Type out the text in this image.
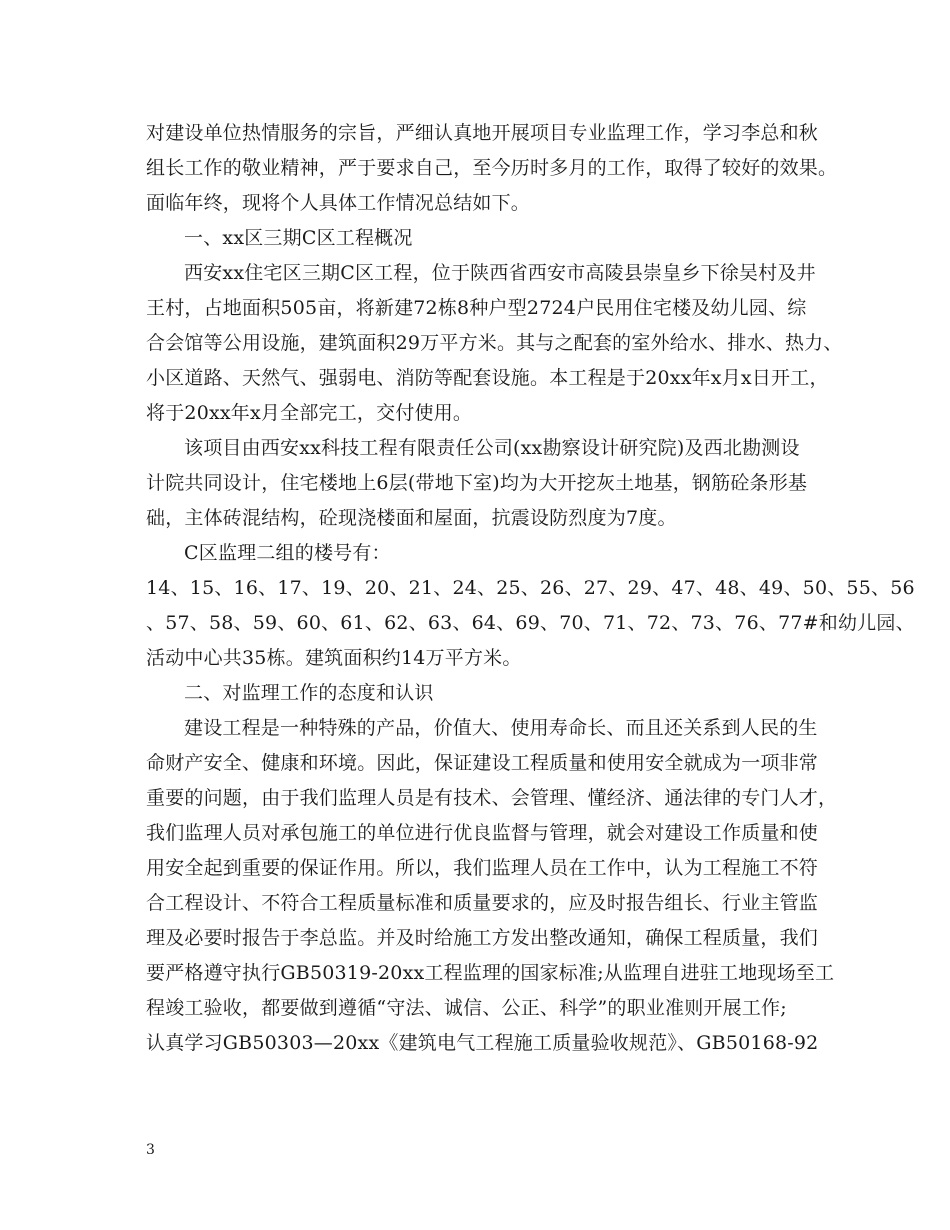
对建设单位热情服务的宗旨，严细认真地开展项目专业监理工作，学习李总和秋
组长工作的敬业精神，严于要求自己，至今历时多月的工作，取得了较好的效果。
面临年终，现将个人具体工作情况总结如下。
一、xx区三期C区工程概况
西安xx住宅区三期C区工程，位于陕西省西安市高陵县崇皇乡下徐吴村及井
王村，占地面积505亩，将新建72栋8种户型2724户民用住宅楼及幼儿园、综
合会馆等公用设施，建筑面积29万平方米。其与之配套的室外给水、排水、热力、
小区道路、天然气、强弱电、消防等配套设施。本工程是于20xx年x月x日开工，
将于20xx年x月全部完工，交付使用。
该项目由西安xx科技工程有限责任公司(xx勘察设计研究院)及西北勘测设
计院共同设计，住宅楼地上6层(带地下室)均为大开挖灰土地基，钢筋砼条形基
础，主体砖混结构，砼现浇楼面和屋面，抗震设防烈度为7度。
C区监理二组的楼号有：
14、15、16、17、19、20、21、24、25、26、27、29、47、48、49、50、55、56
、57、58、59、60、61、62、63、64、69、70、71、72、73、76、77#和幼儿园、
活动中心共35栋。建筑面积约14万平方米。
二、对监理工作的态度和认识
建设工程是一种特殊的产品，价值大、使用寿命长、而且还关系到人民的生
命财产安全、健康和环境。因此，保证建设工程质量和使用安全就成为一项非常
重要的问题，由于我们监理人员是有技术、会管理、懂经济、通法律的专门人才，
我们监理人员对承包施工的单位进行优良监督与管理，就会对建设工作质量和使
用安全起到重要的保证作用。所以，我们监理人员在工作中，认为工程施工不符
合工程设计、不符合工程质量标准和质量要求的，应及时报告组长、行业主管监
理及必要时报告于李总监。并及时给施工方发出整改通知，确保工程质量，我们
要严格遵守执行GB50319-20xx工程监理的国家标准;从监理自进驻工地现场至工
程竣工验收，都要做到遵循“守法、诚信、公正、科学”的职业准则开展工作;
认真学习GB50303—20xx《建筑电气工程施工质量验收规范》、GB50168-92
3
